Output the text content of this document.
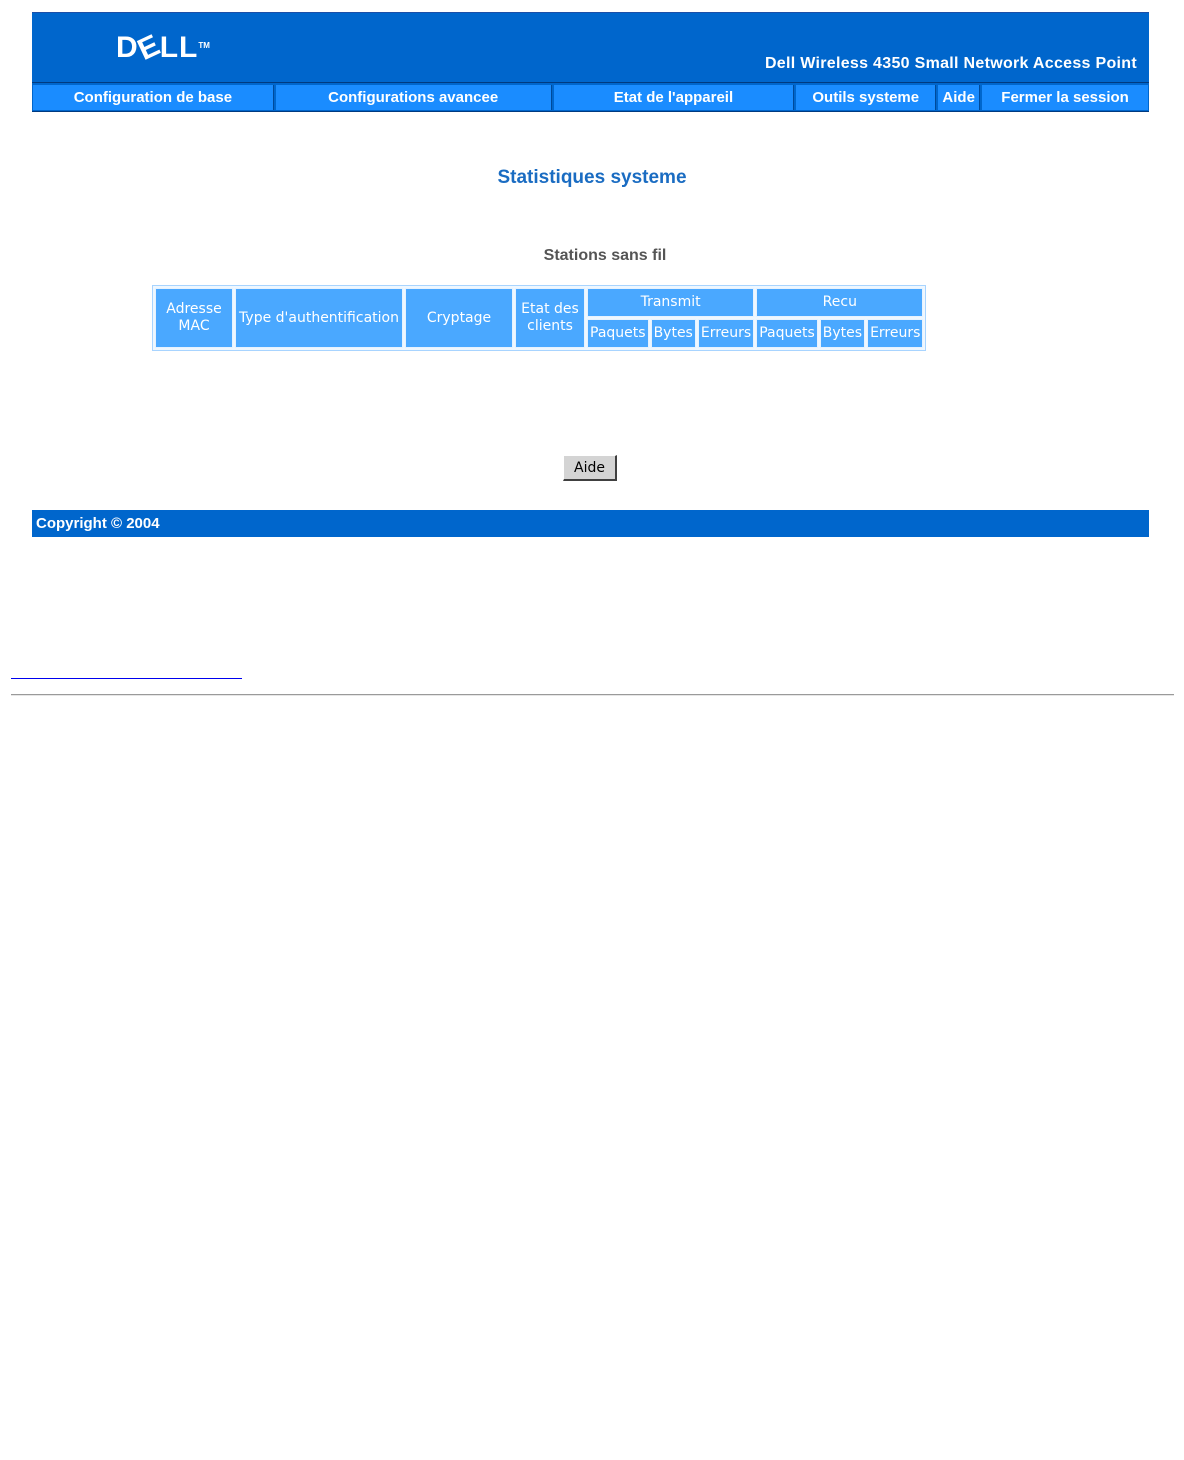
DELL™
Dell Wireless 4350 Small Network Access Point
Configuration de base	Configurations avancee	Etat de l'appareil	Outils systeme	Aide	Fermer la session
Statistiques systeme
Stations sans fil
Adresse MAC	Type d'authentification	Cryptage	Etat des clients	Transmit			Recu		
				Paquets	Bytes	Erreurs	Paquets	Bytes	Erreurs
Aide
Copyright © 2004
